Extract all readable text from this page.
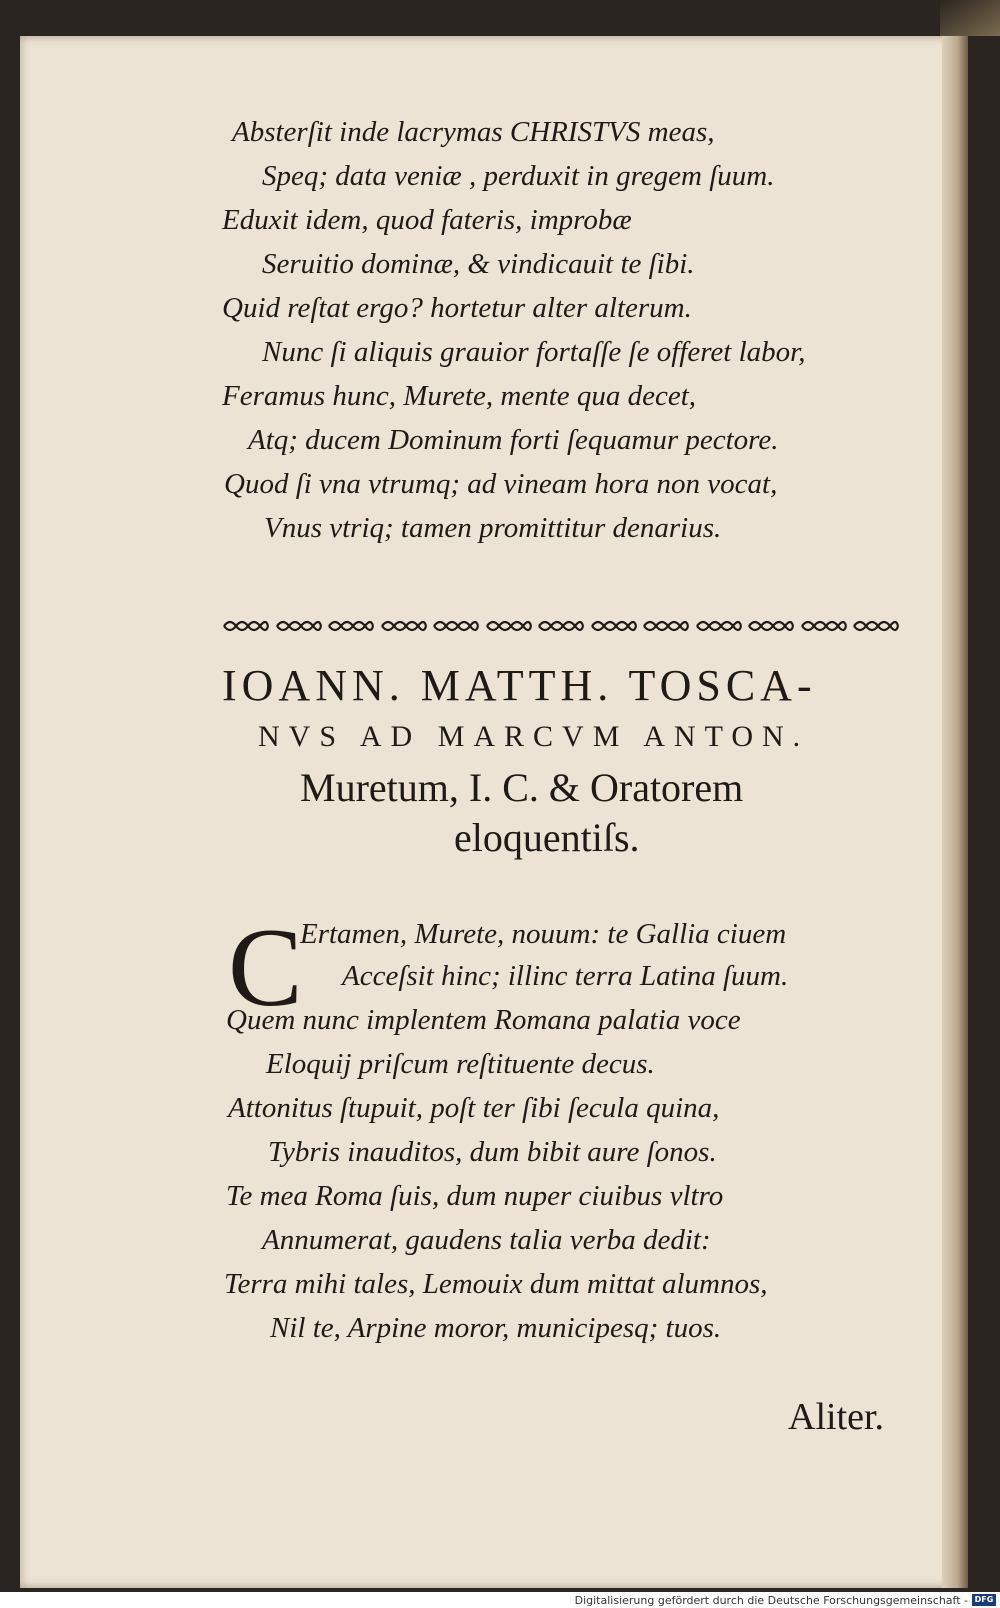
Absterſit inde lacrymas CHRISTVS meas,
Speq; data veniæ , perduxit in gregem ſuum.
Eduxit idem, quod fateris, improbæ
Seruitio dominæ, & vindicauit te ſibi.
Quid reſtat ergo? hortetur alter alterum.
Nunc ſi aliquis grauior fortaſſe ſe offeret labor,
Feramus hunc, Murete, mente qua decet,
Atq; ducem Dominum forti ſequamur pectore.
Quod ſi vna vtrumq; ad vineam hora non vocat,
Vnus vtriq; tamen promittitur denarius.
IOANN. MATTH. TOSCA-
NVS AD MARCVM ANTON.
Muretum, I. C. & Oratorem
eloquentiſs.
C
Ertamen, Murete, nouum: te Gallia ciuem
Acceſsit hinc; illinc terra Latina ſuum.
Quem nunc implentem Romana palatia voce
Eloquij priſcum reſtituente decus.
Attonitus ſtupuit, poſt ter ſibi ſecula quina,
Tybris inauditos, dum bibit aure ſonos.
Te mea Roma ſuis, dum nuper ciuibus vltro
Annumerat, gaudens talia verba dedit:
Terra mihi tales, Lemouix dum mittat alumnos,
Nil te, Arpine moror, municipesq; tuos.
Aliter.
Digitalisierung gefördert durch die Deutsche Forschungsgemeinschaft - DFG
